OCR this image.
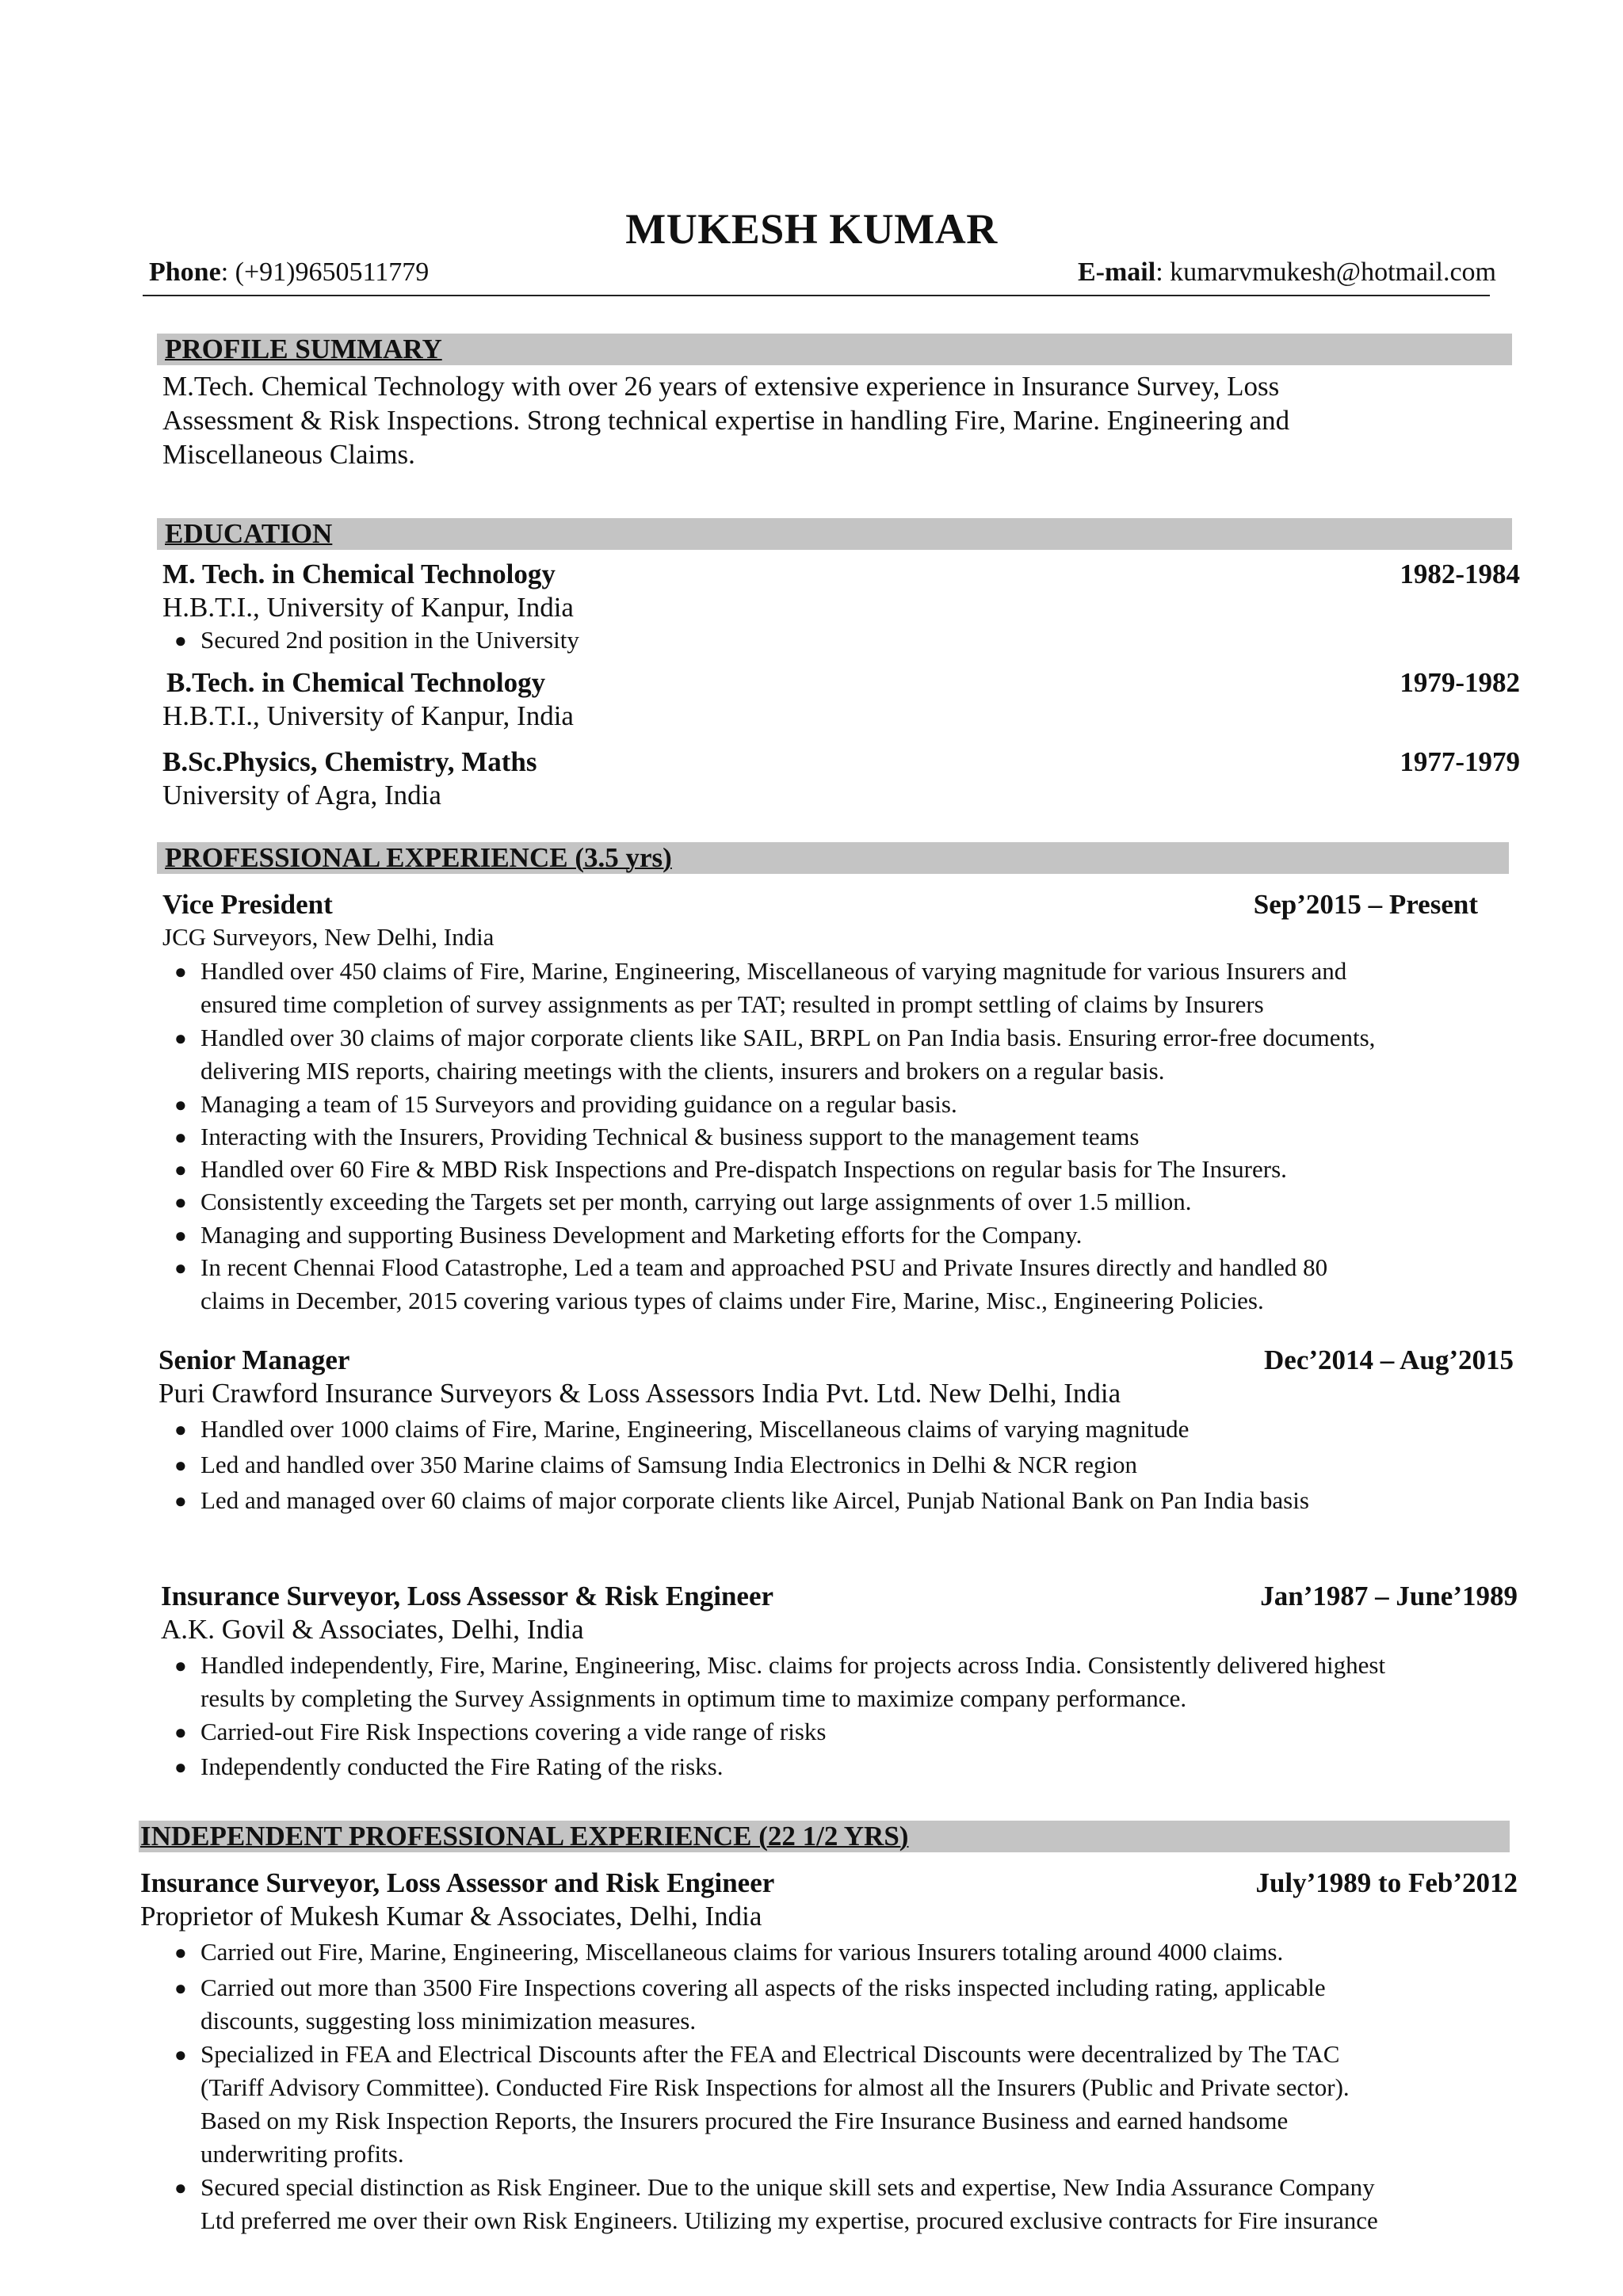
MUKESH KUMAR
Phone: (+91)9650511779	E-mail: kumarvmukesh@hotmail.com
PROFILE SUMMARY
M.Tech. Chemical Technology with over 26 years of extensive experience in Insurance Survey, Loss
Assessment & Risk Inspections. Strong technical expertise in handling Fire, Marine. Engineering and
Miscellaneous Claims.
EDUCATION
M. Tech. in Chemical Technology	1982-1984
H.B.T.I., University of Kanpur, India
● Secured 2nd position in the University
B.Tech. in Chemical Technology	1979-1982
H.B.T.I., University of Kanpur, India
B.Sc.Physics, Chemistry, Maths	1977-1979
University of Agra, India
PROFESSIONAL EXPERIENCE (3.5 yrs)
Vice President	Sep’2015 – Present
JCG Surveyors, New Delhi, India
● Handled over 450 claims of Fire, Marine, Engineering, Miscellaneous of varying magnitude for various Insurers and
ensured time completion of survey assignments as per TAT; resulted in prompt settling of claims by Insurers
● Handled over 30 claims of major corporate clients like SAIL, BRPL on Pan India basis. Ensuring error-free documents,
delivering MIS reports, chairing meetings with the clients, insurers and brokers on a regular basis.
● Managing a team of 15 Surveyors and providing guidance on a regular basis.
● Interacting with the Insurers, Providing Technical & business support to the management teams
● Handled over 60 Fire & MBD Risk Inspections and Pre-dispatch Inspections on regular basis for The Insurers.
● Consistently exceeding the Targets set per month, carrying out large assignments of over 1.5 million.
● Managing and supporting Business Development and Marketing efforts for the Company.
● In recent Chennai Flood Catastrophe, Led a team and approached PSU and Private Insures directly and handled 80
claims in December, 2015 covering various types of claims under Fire, Marine, Misc., Engineering Policies.
Senior Manager	Dec’2014 – Aug’2015
Puri Crawford Insurance Surveyors & Loss Assessors India Pvt. Ltd. New Delhi, India
● Handled over 1000 claims of Fire, Marine, Engineering, Miscellaneous claims of varying magnitude
● Led and handled over 350 Marine claims of Samsung India Electronics in Delhi & NCR region
● Led and managed over 60 claims of major corporate clients like Aircel, Punjab National Bank on Pan India basis
Insurance Surveyor, Loss Assessor & Risk Engineer	Jan’1987 – June’1989
A.K. Govil & Associates, Delhi, India
● Handled independently, Fire, Marine, Engineering, Misc. claims for projects across India. Consistently delivered highest
results by completing the Survey Assignments in optimum time to maximize company performance.
● Carried-out Fire Risk Inspections covering a vide range of risks
● Independently conducted the Fire Rating of the risks.
INDEPENDENT PROFESSIONAL EXPERIENCE (22 1/2 YRS)
Insurance Surveyor, Loss Assessor and Risk Engineer	July’1989 to Feb’2012
Proprietor of Mukesh Kumar & Associates, Delhi, India
● Carried out Fire, Marine, Engineering, Miscellaneous claims for various Insurers totaling around 4000 claims.
● Carried out more than 3500 Fire Inspections covering all aspects of the risks inspected including rating, applicable
discounts, suggesting loss minimization measures.
● Specialized in FEA and Electrical Discounts after the FEA and Electrical Discounts were decentralized by The TAC
(Tariff Advisory Committee). Conducted Fire Risk Inspections for almost all the Insurers (Public and Private sector).
Based on my Risk Inspection Reports, the Insurers procured the Fire Insurance Business and earned handsome
underwriting profits.
● Secured special distinction as Risk Engineer. Due to the unique skill sets and expertise, New India Assurance Company
Ltd preferred me over their own Risk Engineers. Utilizing my expertise, procured exclusive contracts for Fire insurance
